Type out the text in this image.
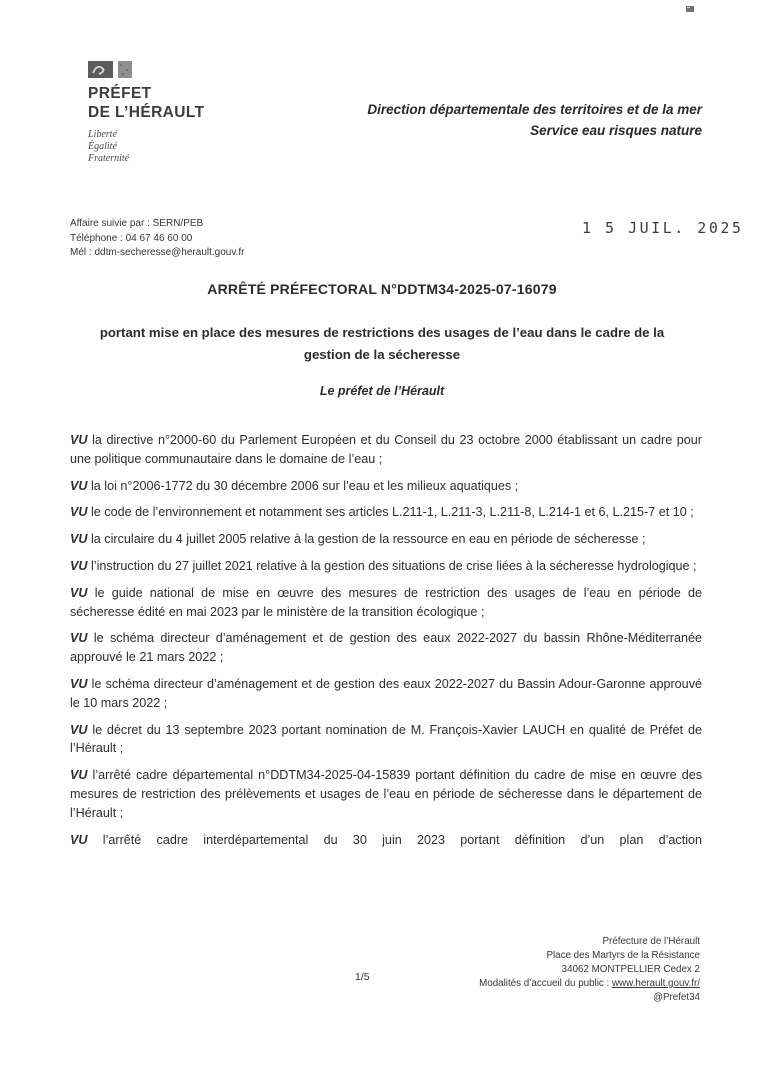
PRÉFET
DE L’HÉRAULT
Liberté
Égalité
Fraternité
Direction départementale des territoires et de la mer
Service eau risques nature
Affaire suivie par : SERN/PEB
Téléphone : 04 67 46 60 00
Mél : ddtm-secheresse@herault.gouv.fr
1 5 JUIL. 2025
ARRÊTÉ PRÉFECTORAL N°DDTM34-2025-07-16079
portant mise en place des mesures de restrictions des usages de l’eau dans le cadre de la gestion de la sécheresse
Le préfet de l’Hérault

VU la directive n°2000-60 du Parlement Européen et du Conseil du 23 octobre 2000 établissant un cadre pour une politique communautaire dans le domaine de l’eau ;

VU la loi n°2006-1772 du 30 décembre 2006 sur l’eau et les milieux aquatiques ;

VU le code de l’environnement et notamment ses articles L.211-1, L.211-3, L.211-8, L.214-1 et 6, L.215-7 et 10 ;

VU la circulaire du 4 juillet 2005 relative à la gestion de la ressource en eau en période de sécheresse ;

VU l’instruction du 27 juillet 2021 relative à la gestion des situations de crise liées à la sécheresse hydrologique ;

VU le guide national de mise en œuvre des mesures de restriction des usages de l’eau en période de sécheresse édité en mai 2023 par le ministère de la transition écologique ;

VU le schéma directeur d’aménagement et de gestion des eaux 2022-2027 du bassin Rhône-Méditerranée approuvé le 21 mars 2022 ;

VU le schéma directeur d’aménagement et de gestion des eaux 2022-2027 du Bassin Adour-Garonne approuvé le 10 mars 2022 ;

VU le décret du 13 septembre 2023 portant nomination de M. François-Xavier LAUCH en qualité de Préfet de l’Hérault ;

VU l’arrêté cadre départemental n°DDTM34-2025-04-15839 portant définition du cadre de mise en œuvre des mesures de restriction des prélèvements et usages de l’eau en période de sécheresse dans le département de l’Hérault ;

VU l’arrêté cadre interdépartemental du 30 juin 2023 portant définition d’un plan d’action

1/5
Préfecture de l’Hérault
Place des Martyrs de la Résistance
34062 MONTPELLIER Cedex 2
Modalités d’accueil du public : www.herault.gouv.fr/
@Prefet34
